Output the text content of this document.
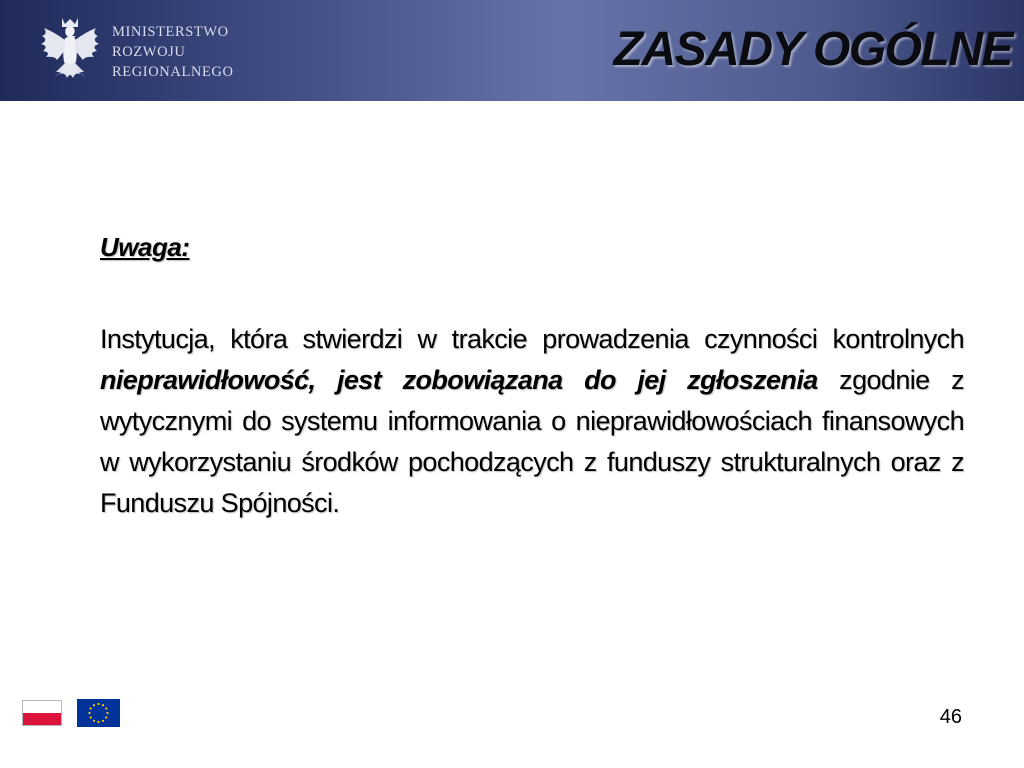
MINISTERSTWO
ROZWOJU
REGIONALNEGO	ZASADY OGÓLNE

Uwaga:

Instytucja, która stwierdzi w trakcie prowadzenia czynności kontrolnych nieprawidłowość, jest zobowiązana do jej zgłoszenia zgodnie z wytycznymi do systemu informowania o nieprawidłowościach finansowych w wykorzystaniu środków pochodzących z funduszy strukturalnych oraz z Funduszu Spójności.

46
